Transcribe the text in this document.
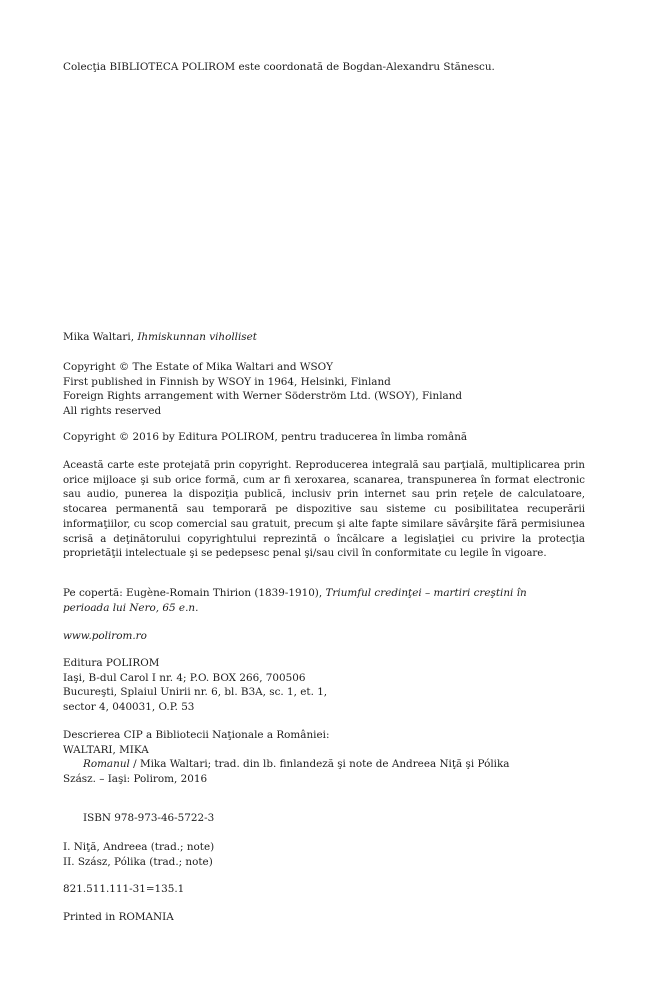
Colecţia BIBLIOTECA POLIROM este coordonată de Bogdan-Alexandru Stănescu.

Mika Waltari, Ihmiskunnan viholliset

Copyright © The Estate of Mika Waltari and WSOY
First published in Finnish by WSOY in 1964, Helsinki, Finland
Foreign Rights arrangement with Werner Söderström Ltd. (WSOY), Finland
All rights reserved

Copyright © 2016 by Editura POLIROM, pentru traducerea în limba română

Această carte este protejată prin copyright. Reproducerea integrală sau parţială, multiplicarea prin orice mijloace şi sub orice formă, cum ar fi xeroxarea, scanarea, transpunerea în format electronic sau audio, punerea la dispoziţia publică, inclusiv prin internet sau prin reţele de calculatoare, stocarea permanentă sau temporară pe dispozitive sau sisteme cu posibilitatea recuperării informaţiilor, cu scop comercial sau gratuit, precum şi alte fapte similare săvârşite fără permisiunea scrisă a deţinătorului copyrightului reprezintă o încălcare a legislaţiei cu privire la protecţia proprietăţii intelectuale şi se pedepsesc penal şi/sau civil în conformitate cu legile în vigoare.

Pe copertă: Eugène-Romain Thirion (1839-1910), Triumful credinţei – martiri creştini în
perioada lui Nero, 65 e.n.

www.polirom.ro

Editura POLIROM
Iaşi, B-dul Carol I nr. 4; P.O. BOX 266, 700506
Bucureşti, Splaiul Unirii nr. 6, bl. B3A, sc. 1, et. 1,
sector 4, 040031, O.P. 53

Descrierea CIP a Bibliotecii Naţionale a României:
WALTARI, MIKA
Romanul / Mika Waltari; trad. din lb. finlandeză şi note de Andreea Niţă şi Pólika
Szász. – Iaşi: Polirom, 2016

ISBN 978-973-46-5722-3

I. Niţă, Andreea (trad.; note)
II. Szász, Pólika (trad.; note)

821.511.111-31=135.1

Printed in ROMANIA
